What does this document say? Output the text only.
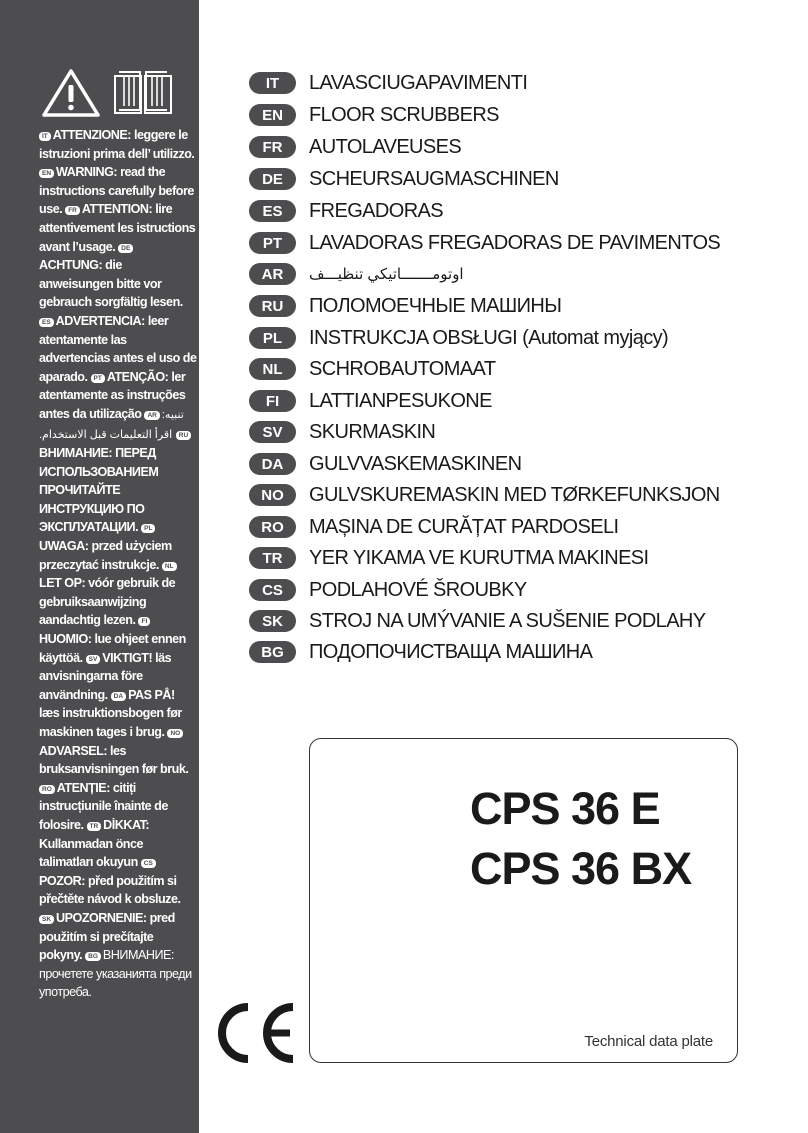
IT ATTENZIONE: leggere le istruzioni prima dell’ utilizzo. EN WARNING: read the instructions carefully before use. FR ATTENTION: lire attentivement les istructions avant l’usage. DEACHTUNG: die anweisungen bitte vor gebrauch sorgfältig lesen. ES ADVERTENCIA: leer atentamente las advertencias antes el uso de aparado. PT ATENÇÃO: ler atentamente as instruções antes da utilização AR تنبيه: اقرأ التعليمات قبل الاستخدام. RUВНИМАНИЕ: ПЕРЕД ИСПОЛЬЗОВАНИЕМ ПРОЧИТАЙТЕ ИНСТРУКЦИЮ ПО ЭКСПЛУАТАЦИИ. PLUWAGA: przed użyciem przeczytać instrukcje. NLLET OP: vóór gebruik de gebruiksaanwijzing aandachtig lezen. FIHUOMIO: lue ohjeet ennen käyttöä. SV VIKTIGT! läs anvisningarna före användning. DA PAS PÅ! læs instruktionsbogen før maskinen tages i brug. NOADVARSEL: les bruksanvisningen før bruk. RO ATENȚIE: citiți instrucțiunile înainte de folosire. TR DİKKAT: Kullanmadan önce talimatları okuyun CSPOZOR: před použitím si přečtěte návod k obsluze. SK UPOZORNENIE: pred použitím si prečítajte pokyny. BG ВНИМАНИЕ: прочетете указанията преди употреба.
IT	LAVASCIUGAPAVIMENTI
EN	FLOOR SCRUBBERS
FR	AUTOLAVEUSES
DE	SCHEURSAUGMASCHINEN
ES	FREGADORAS
PT	LAVADORAS FREGADORAS DE PAVIMENTOS
AR	اوتومـــــــاتيكي تنظيـــف
RU	ПОЛОМОЕЧНЫЕ МАШИНЫ
PL	INSTRUKCJA OBSŁUGI (Automat myjący)
NL	SCHROBAUTOMAAT
FI	LATTIANPESUKONE
SV	SKURMASKIN
DA	GULVVASKEMASKINEN
NO	GULVSKUREMASKIN MED TØRKEFUNKSJON
RO	MAȘINA DE CURĂȚAT PARDOSELI
TR	YER YIKAMA VE KURUTMA MAKINESI
CS	PODLAHOVÉ ŠROUBKY
SK	STROJ NA UMÝVANIE A SUŠENIE PODLAHY
BG	ПОДОПОЧИСТВАЩА МАШИНА
CPS 36 E
CPS 36 BX
Technical data plate
